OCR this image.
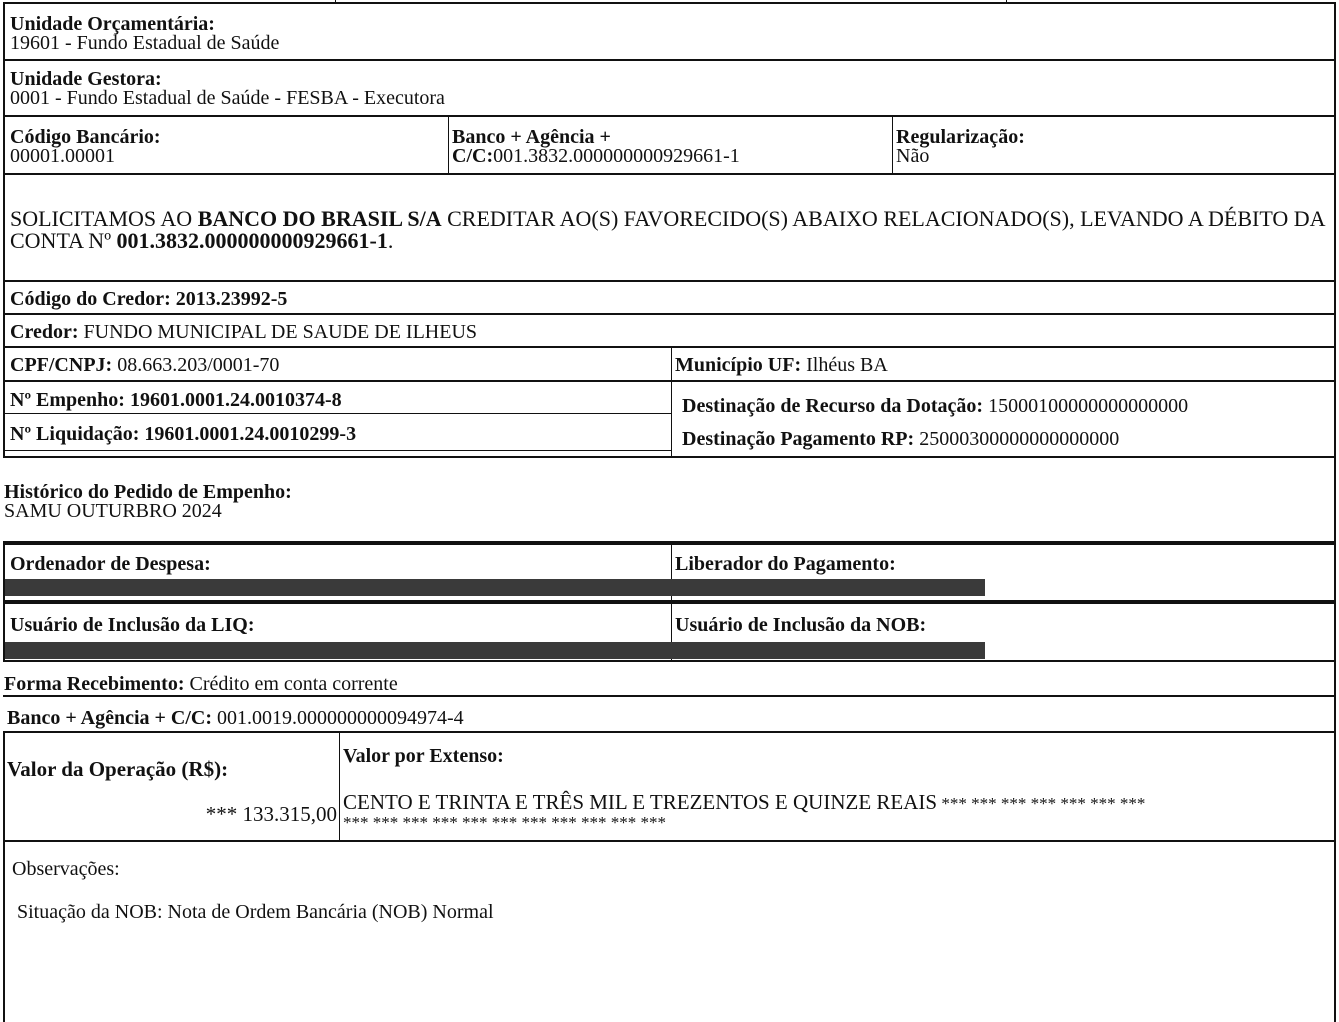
Unidade Orçamentária:
19601 - Fundo Estadual de Saúde
Unidade Gestora:
0001 - Fundo Estadual de Saúde - FESBA - Executora
Código Bancário:
00001.00001
Banco + Agência +
C/C:001.3832.000000000929661-1
Regularização:
Não
SOLICITAMOS AO BANCO DO BRASIL S/A CREDITAR AO(S) FAVORECIDO(S) ABAIXO RELACIONADO(S), LEVANDO A DÉBITO DA CONTA Nº 001.3832.000000000929661-1.
Código do Credor: 2013.23992-5
Credor: FUNDO MUNICIPAL DE SAUDE DE ILHEUS
CPF/CNPJ: 08.663.203/0001-70	Município UF: Ilhéus BA
Nº Empenho: 19601.0001.24.0010374-8
Nº Liquidação: 19601.0001.24.0010299-3
Destinação de Recurso da Dotação: 15000100000000000000
Destinação Pagamento RP: 25000300000000000000
Histórico do Pedido de Empenho:
SAMU OUTURBRO 2024
Ordenador de Despesa:	Liberador do Pagamento:
Usuário de Inclusão da LIQ:	Usuário de Inclusão da NOB:
Forma Recebimento: Crédito em conta corrente
Banco + Agência + C/C: 001.0019.000000000094974-4
Valor da Operação (R$):
*** 133.315,00
Valor por Extenso:
CENTO E TRINTA E TRÊS MIL E TREZENTOS E QUINZE REAIS *** *** *** *** *** *** ***
*** *** *** *** *** *** *** *** *** *** ***
Observações:
Situação da NOB: Nota de Ordem Bancária (NOB) Normal
